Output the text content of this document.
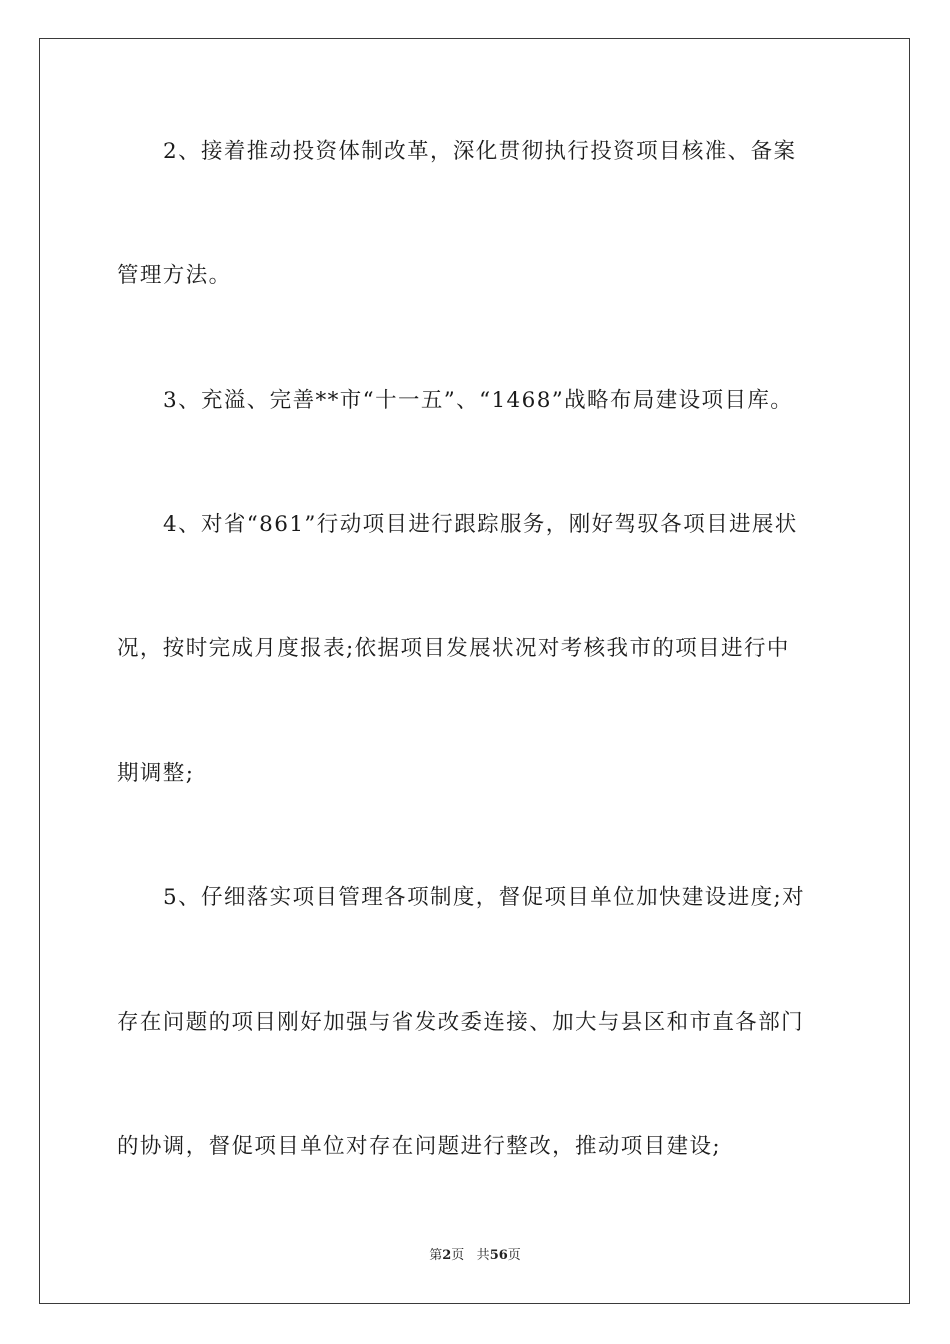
2、接着推动投资体制改革，深化贯彻执行投资项目核准、备案
管理方法。
3、充溢、完善**市“十一五”、“1468”战略布局建设项目库。
4、对省“861”行动项目进行跟踪服务，刚好驾驭各项目进展状
况，按时完成月度报表;依据项目发展状况对考核我市的项目进行中
期调整;
5、仔细落实项目管理各项制度，督促项目单位加快建设进度;对
存在问题的项目刚好加强与省发改委连接、加大与县区和市直各部门
的协调，督促项目单位对存在问题进行整改，推动项目建设;
第2页 共56页
